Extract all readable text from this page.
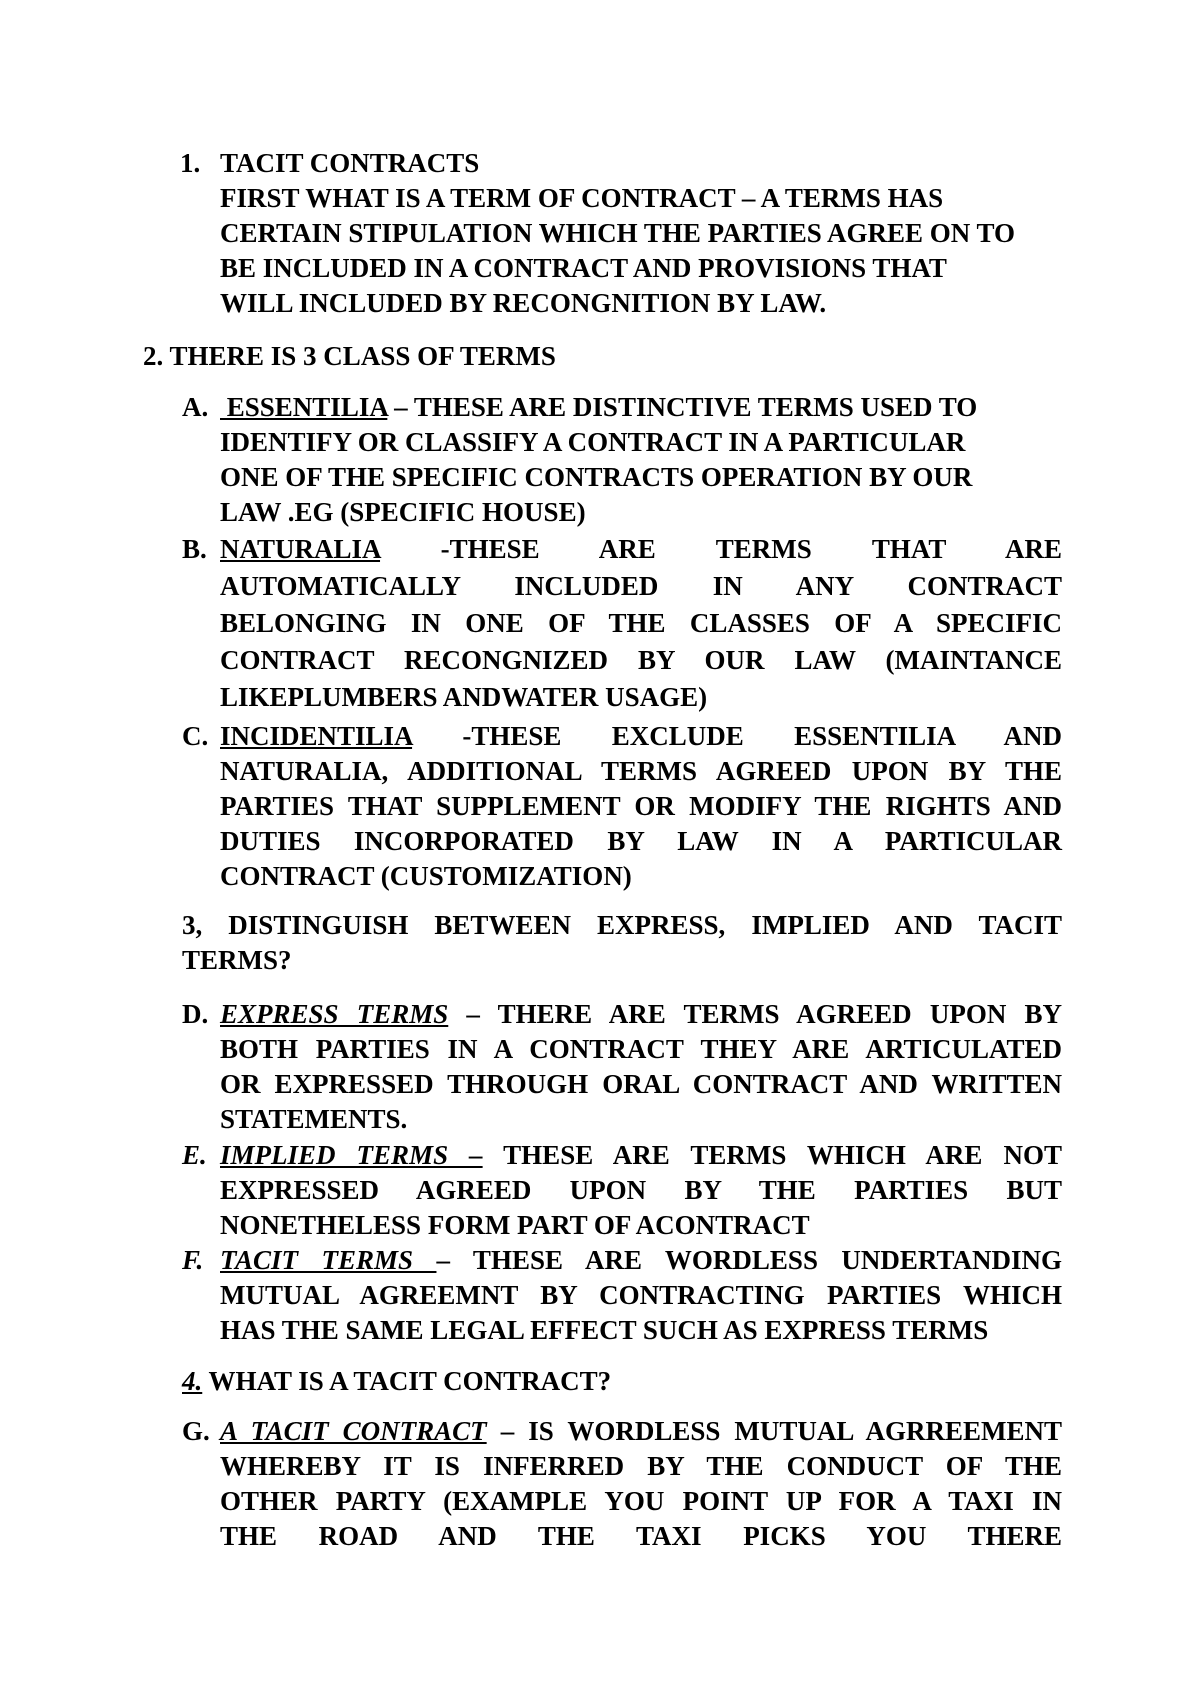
1. TACIT CONTRACTS
FIRST WHAT IS A TERM OF CONTRACT – A TERMS HAS
CERTAIN STIPULATION WHICH THE PARTIES AGREE ON TO
BE INCLUDED IN A CONTRACT AND PROVISIONS THAT
WILL INCLUDED BY RECONGNITION BY LAW.
2. THERE IS 3 CLASS OF TERMS
A. ESSENTILIA – THESE ARE DISTINCTIVE TERMS USED TO
IDENTIFY OR CLASSIFY A CONTRACT IN A PARTICULAR
ONE OF THE SPECIFIC CONTRACTS OPERATION BY OUR
LAW .EG (SPECIFIC HOUSE)
B. NATURALIA -THESE ARE TERMS THAT ARE
AUTOMATICALLY INCLUDED IN ANY CONTRACT
BELONGING IN ONE OF THE CLASSES OF A SPECIFIC
CONTRACT RECONGNIZED BY OUR LAW (MAINTANCE
LIKEPLUMBERS ANDWATER USAGE)
C. INCIDENTILIA -THESE EXCLUDE ESSENTILIA AND
NATURALIA, ADDITIONAL TERMS AGREED UPON BY THE
PARTIES THAT SUPPLEMENT OR MODIFY THE RIGHTS AND
DUTIES INCORPORATED BY LAW IN A PARTICULAR
CONTRACT (CUSTOMIZATION)
3, DISTINGUISH BETWEEN EXPRESS, IMPLIED AND TACIT
TERMS?
D. EXPRESS TERMS – THERE ARE TERMS AGREED UPON BY
BOTH PARTIES IN A CONTRACT THEY ARE ARTICULATED
OR EXPRESSED THROUGH ORAL CONTRACT AND WRITTEN
STATEMENTS.
E. IMPLIED TERMS – THESE ARE TERMS WHICH ARE NOT
EXPRESSED AGREED UPON BY THE PARTIES BUT
NONETHELESS FORM PART OF ACONTRACT
F. TACIT TERMS – THESE ARE WORDLESS UNDERTANDING
MUTUAL AGREEMNT BY CONTRACTING PARTIES WHICH
HAS THE SAME LEGAL EFFECT SUCH AS EXPRESS TERMS
4. WHAT IS A TACIT CONTRACT?
G. A TACIT CONTRACT – IS WORDLESS MUTUAL AGRREEMENT
WHEREBY IT IS INFERRED BY THE CONDUCT OF THE
OTHER PARTY (EXAMPLE YOU POINT UP FOR A TAXI IN
THE ROAD AND THE TAXI PICKS YOU THERE
